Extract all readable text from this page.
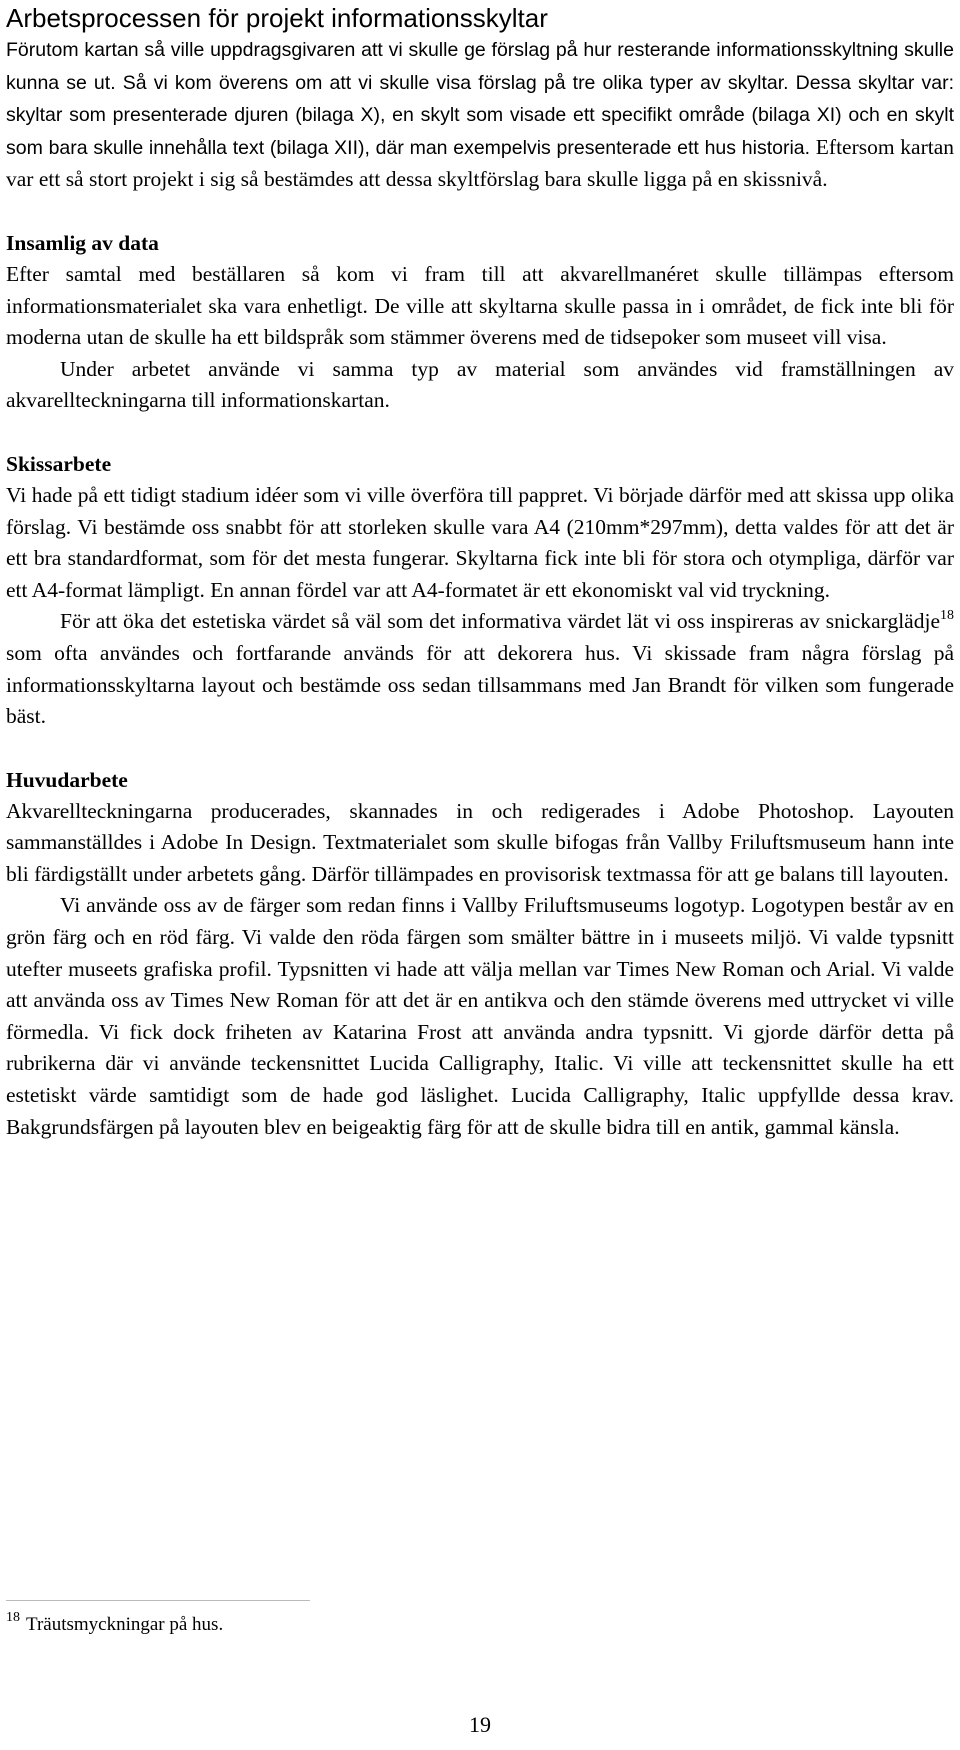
Arbetsprocessen för projekt informationsskyltar

Förutom kartan så ville uppdragsgivaren att vi skulle ge förslag på hur resterande informationsskyltning skulle kunna se ut. Så vi kom överens om att vi skulle visa förslag på tre olika typer av skyltar. Dessa skyltar var: skyltar som presenterade djuren (bilaga X), en skylt som visade ett specifikt område (bilaga XI) och en skylt som bara skulle innehålla text (bilaga XII), där man exempelvis presenterade ett hus historia. Eftersom kartan var ett så stort projekt i sig så bestämdes att dessa skyltförslag bara skulle ligga på en skissnivå.

Insamlig av data

Efter samtal med beställaren så kom vi fram till att akvarellmanéret skulle tillämpas eftersom informationsmaterialet ska vara enhetligt. De ville att skyltarna skulle passa in i området, de fick inte bli för moderna utan de skulle ha ett bildspråk som stämmer överens med de tidsepoker som museet vill visa.

Under arbetet använde vi samma typ av material som användes vid framställningen av akvarellteckningarna till informationskartan.

Skissarbete

Vi hade på ett tidigt stadium idéer som vi ville överföra till pappret. Vi började därför med att skissa upp olika förslag. Vi bestämde oss snabbt för att storleken skulle vara A4 (210mm*297mm), detta valdes för att det är ett bra standardformat, som för det mesta fungerar. Skyltarna fick inte bli för stora och otympliga, därför var ett A4-format lämpligt. En annan fördel var att A4-formatet är ett ekonomiskt val vid tryckning.

För att öka det estetiska värdet så väl som det informativa värdet lät vi oss inspireras av snickarglädje$^{18}$ som ofta användes och fortfarande används för att dekorera hus. Vi skissade fram några förslag på informationsskyltarna layout och bestämde oss sedan tillsammans med Jan Brandt för vilken som fungerade bäst.

Huvudarbete

Akvarellteckningarna producerades, skannades in och redigerades i Adobe Photoshop. Layouten sammanställdes i Adobe In Design. Textmaterialet som skulle bifogas från Vallby Friluftsmuseum hann inte bli färdigställt under arbetets gång. Därför tillämpades en provisorisk textmassa för att ge balans till layouten.

Vi använde oss av de färger som redan finns i Vallby Friluftsmuseums logotyp. Logotypen består av en grön färg och en röd färg. Vi valde den röda färgen som smälter bättre in i museets miljö. Vi valde typsnitt utefter museets grafiska profil. Typsnitten vi hade att välja mellan var Times New Roman och Arial. Vi valde att använda oss av Times New Roman för att det är en antikva och den stämde överens med uttrycket vi ville förmedla. Vi fick dock friheten av Katarina Frost att använda andra typsnitt. Vi gjorde därför detta på rubrikerna där vi använde teckensnittet Lucida Calligraphy, Italic. Vi ville att teckensnittet skulle ha ett estetiskt värde samtidigt som de hade god läslighet. Lucida Calligraphy, Italic uppfyllde dessa krav. Bakgrundsfärgen på layouten blev en beigeaktig färg för att de skulle bidra till en antik, gammal känsla.

$^{18}$ Träutsmyckningar på hus.
19
